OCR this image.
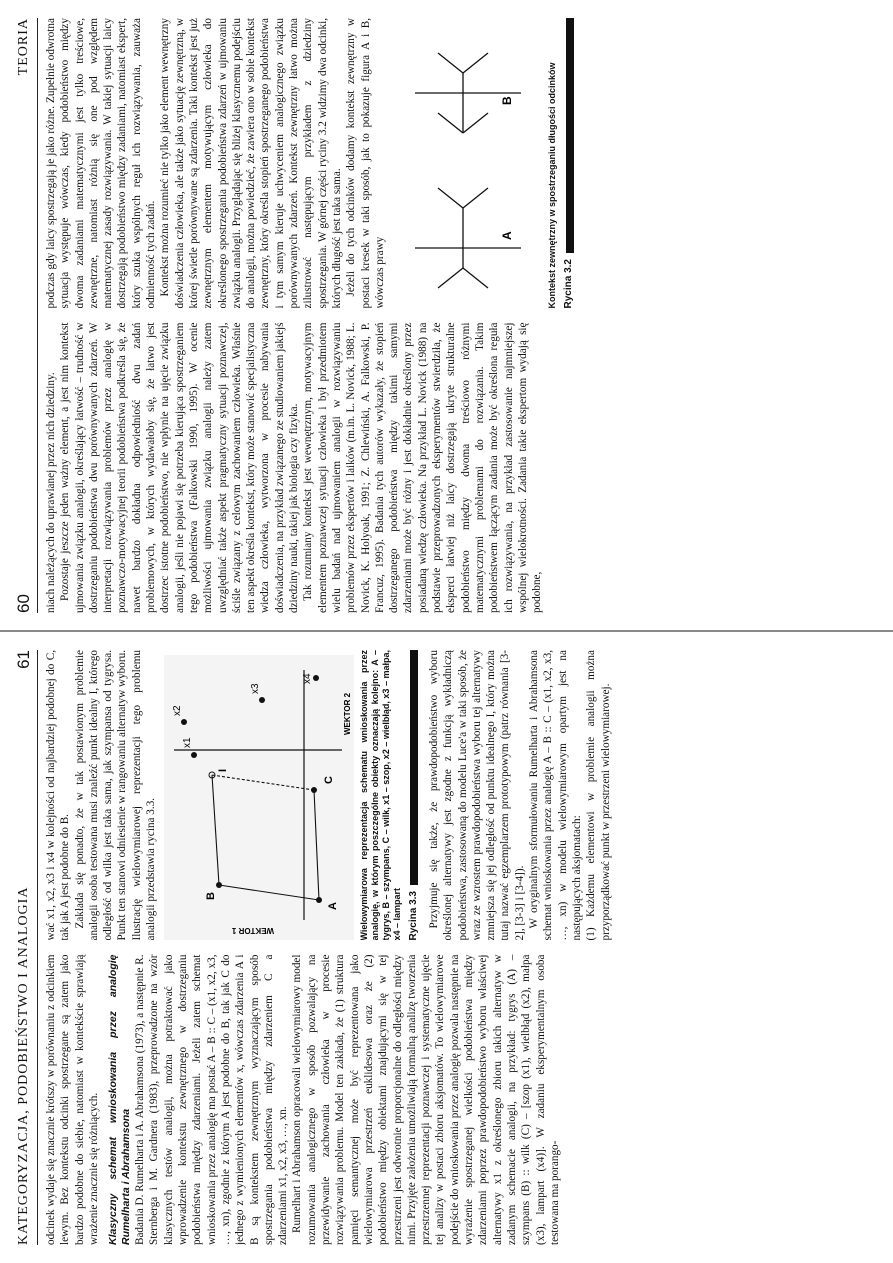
60
TEORIA

niach należących do uprawianej przez nich dziedziny. Pozostaje jeszcze jeden ważny element, a jest nim kontekst ujmowania związku analogii, określający łatwość – trudność w dostrzeganiu podobieństwa dwu porównywanych zdarzeń. W interpretacji rozwiązywania problemów przez analogię w poznawczo-motywacyjnej teorii podobieństwa podkreśla się, że nawet bardzo dokładna odpowiedniość dwu zadań problemowych, w których wydawałoby się, że łatwo jest dostrzec istotne podobieństwo, nie wpłynie na ujęcie związku analogii, jeśli nie pojawi się potrzeba kierująca spostrzeganiem tego podobieństwa (Falkowski 1990, 1995). W ocenie możliwości ujmowania związku analogii należy zatem uwzględniać także aspekt pragmatyczny sytuacji poznawczej, ściśle związany z celowym zachowaniem człowieka. Właśnie ten aspekt określa kontekst, który może stanowić specjalistyczna wiedza człowieka, wytworzona w procesie nabywania doświadczenia, na przykład związanego ze studiowaniem jakiejś dziedziny nauki, takiej jak biologia czy fizyka. Tak rozumiany kontekst jest wewnętrznym, motywacyjnym elementem poznawczej sytuacji człowieka i był przedmiotem wielu badań nad ujmowaniem analogii w rozwiązywaniu problemów przez ekspertów i laików (m.in. L. Novick, 1988; L. Novick, K. Holyoak, 1991; Z. Chlewiński, A. Falkowski, P. Francuz, 1995). Badania tych autorów wykazały, że stopień dostrzeganego podobieństwa między takimi samymi zdarzeniami może być różny i jest dokładnie określony przez posiadaną wiedzę człowieka. Na przykład L. Novick (1988) na podstawie przeprowadzonych eksperymentów stwierdziła, że eksperci łatwiej niż laicy dostrzegają ukryte strukturalne podobieństwo między dwoma treściowo różnymi matematycznymi problemami do rozwiązania. Takim podobieństwem łączącym zadania może być określona reguła ich rozwiązywania, na przykład zastosowanie najmniejszej wspólnej wielokrotności. Zadania takie ekspertom wydają się podobne,

podczas gdy laicy spostrzegają je jako różne. Zupełnie odwrotna sytuacja występuje wówczas, kiedy podobieństwo między dwoma zadaniami matematycznymi jest tylko treściowe, zewnętrzne, natomiast różnią się one pod względem matematycznej zasady rozwiązywania. W takiej sytuacji laicy dostrzegają podobieństwo między zadaniami, natomiast ekspert, który szuka wspólnych reguł ich rozwiązywania, zauważa odmienność tych zadań. Kontekst można rozumieć nie tylko jako element wewnętrzny doświadczenia człowieka, ale także jako sytuację zewnętrzną, w której świetle porównywane są zdarzenia. Taki kontekst jest już zewnętrznym elementem motywującym człowieka do określonego spostrzegania podobieństwa zdarzeń w ujmowaniu związku analogii. Przyglądając się bliżej klasycznemu podejściu do analogii, można powiedzieć, że zawiera ono w sobie kontekst zewnętrzny, który określa stopień spostrzeganego podobieństwa i tym samym kieruje uchwyceniem analogicznego związku porównywanych zdarzeń. Kontekst zewnętrzny łatwo można zilustrować następującym przykładem z dziedziny spostrzegania. W górnej części ryciny 3.2 widzimy dwa odcinki, których długość jest taka sama. Jeżeli do tych odcinków dodamy kontekst zewnętrzny w postaci kresek w taki sposób, jak to pokazuje figura A i B, wówczas prawy

A
B	Kontekst zewnętrzny w spostrzeganiu długości odcinków Rycina 3.2
KATEGORYZACJA, PODOBIEŃSTWO I ANALOGIA
61

odcinek wydaje się znacznie krótszy w porównaniu z odcinkiem lewym. Bez kontekstu odcinki spostrzegane są zatem jako bardzo podobne do siebie, natomiast w kontekście sprawiają wrażenie znacznie się różniących. Klasyczny schemat wnioskowania przez analogię Rumelharta i Abrahamsona Badania D. Rumelharta i A. Abrahamsona (1973), a następnie R. Sternberga i M. Gardnera (1983), przeprowadzone na wzór klasycznych testów analogii, można potraktować jako wprowadzenie kontekstu zewnętrznego w dostrzeganiu podobieństwa między zdarzeniami. Jeżeli zatem schemat wnioskowania przez analogię ma postać A – B :: C – (x1, x2, x3, …, xn), zgodnie z którym A jest podobne do B, tak jak C do jednego z wymienionych elementów x, wówczas zdarzenia A i B są kontekstem zewnętrznym wyznaczającym sposób spostrzegania podobieństwa między zdarzeniem C a zdarzeniami x1, x2, x3, …, xn. Rumelhart i Abrahamson opracowali wielowymiarowy model rozumowania analogicznego w sposób pozwalający na przewidywanie zachowania człowieka w procesie rozwiązywania problemu. Model ten zakłada, że (1) struktura pamięci semantycznej może być reprezentowana jako wielowymiarowa przestrzeń euklidesowa oraz że (2) podobieństwo między obiektami znajdującymi się w tej przestrzeni jest odwrotnie proporcjonalne do odległości między nimi. Przyjęte założenia umożliwiają formalną analizę tworzenia przestrzennej reprezentacji poznawczej i systematyczne ujęcie tej analizy w postaci zbioru aksjomatów. To wielowymiarowe podejście do wnioskowania przez analogię pozwala następnie na wyrażenie spostrzeganej wielkości podobieństwa między zdarzeniami poprzez prawdopodobieństwo wyboru właściwej alternatywy x1 z określonego zbioru takich alternatyw w zadanym schemacie analogii, na przykład: tygrys (A) – szympans (B) :: wilk (C) – [szop (x1), wielbłąd (x2), małpa (x3), lampart (x4)]. W zadaniu eksperymentalnym osoba testowana ma porango-

wać x1, x2, x3 i x4 w kolejności od najbardziej podobnej do C, tak jak A jest podobne do B. Zakłada się ponadto, że w tak postawionym problemie analogii osoba testowana musi znaleźć punkt idealny I, którego odległość od wilka jest taka sama, jak szympansa od tygrysa. Punkt ten stanowi odniesienie w rangowaniu alternatyw wyboru. Ilustrację wielowymiarowej reprezentacji tego problemu analogii przedstawia rycina 3.3.	A
B
C
I
x1
x2
x3
x4
WEKTOR 1
WEKTOR 2 Wielowymiarowa reprezentacja schematu wnioskowania przez analogię, w którym poszczególne obiekty oznaczają kolejno: A – tygrys, B – szympans, C – wilk, x1 – szop, x2 – wielbłąd, x3 – małpa, x4 – lampart Rycina 3.3 Przyjmuje się także, że prawdopodobieństwo wyboru określonej alternatywy jest zgodne z funkcją wykładniczą podobieństwa, zastosowaną do modelu Luce'a w taki sposób, że wraz ze wzrostem prawdopodobieństwa wyboru tej alternatywy zmniejsza się jej odległość od punktu idealnego I, który można tutaj nazwać egzemplarzem prototypowym (patrz równania [3-2], [3-3] i [3-4]). W oryginalnym sformułowaniu Rumelharta i Abrahamsona schemat wnioskowania przez analogię A – B :: C – (x1, x2, x3, …, xn) w modelu wielowymiarowym opartym jest na następujących aksjomatach: (1) Każdemu elementowi w problemie analogii można przyporządkować punkt w przestrzeni wielowymiarowej.
